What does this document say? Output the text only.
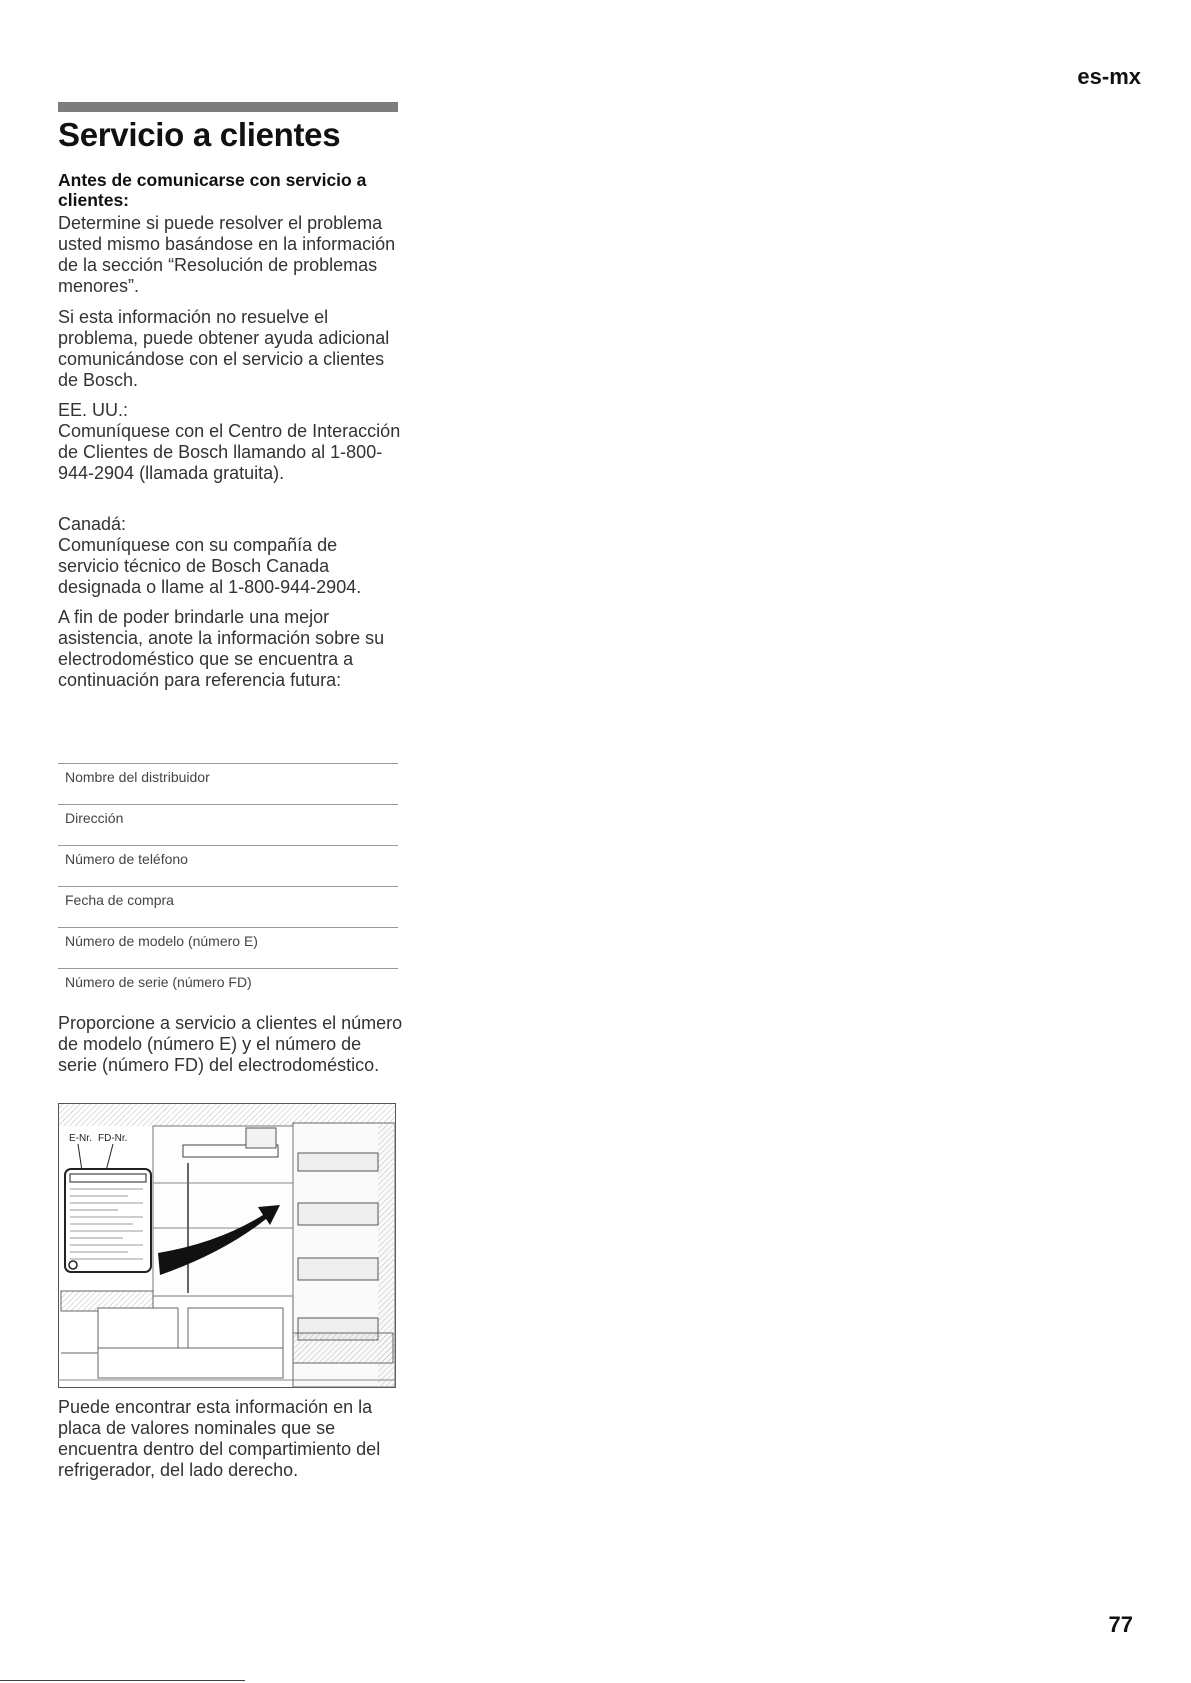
es-mx
Servicio a clientes
Antes de comunicarse con servicio a clientes:

Determine si puede resolver el problema usted mismo basándose en la información de la sección “Resolución de problemas menores”.

Si esta información no resuelve el problema, puede obtener ayuda adicional comunicándose con el servicio a clientes de Bosch.

EE. UU.:
Comuníquese con el Centro de Interacción de Clientes de Bosch llamando al 1-800-944-2904 (llamada gratuita).

Canadá:
Comuníquese con su compañía de servicio técnico de Bosch Canada designada o llame al 1-800-944-2904.

A fin de poder brindarle una mejor asistencia, anote la información sobre su electrodoméstico que se encuentra a continuación para referencia futura:

Nombre del distribuidor
Dirección
Número de teléfono
Fecha de compra
Número de modelo (número E)
Número de serie (número FD)

Proporcione a servicio a clientes el número de modelo (número E) y el número de serie (número FD) del electrodoméstico.

E-Nr. FD-Nr.

Puede encontrar esta información en la placa de valores nominales que se encuentra dentro del compartimiento del refrigerador, del lado derecho.

77
